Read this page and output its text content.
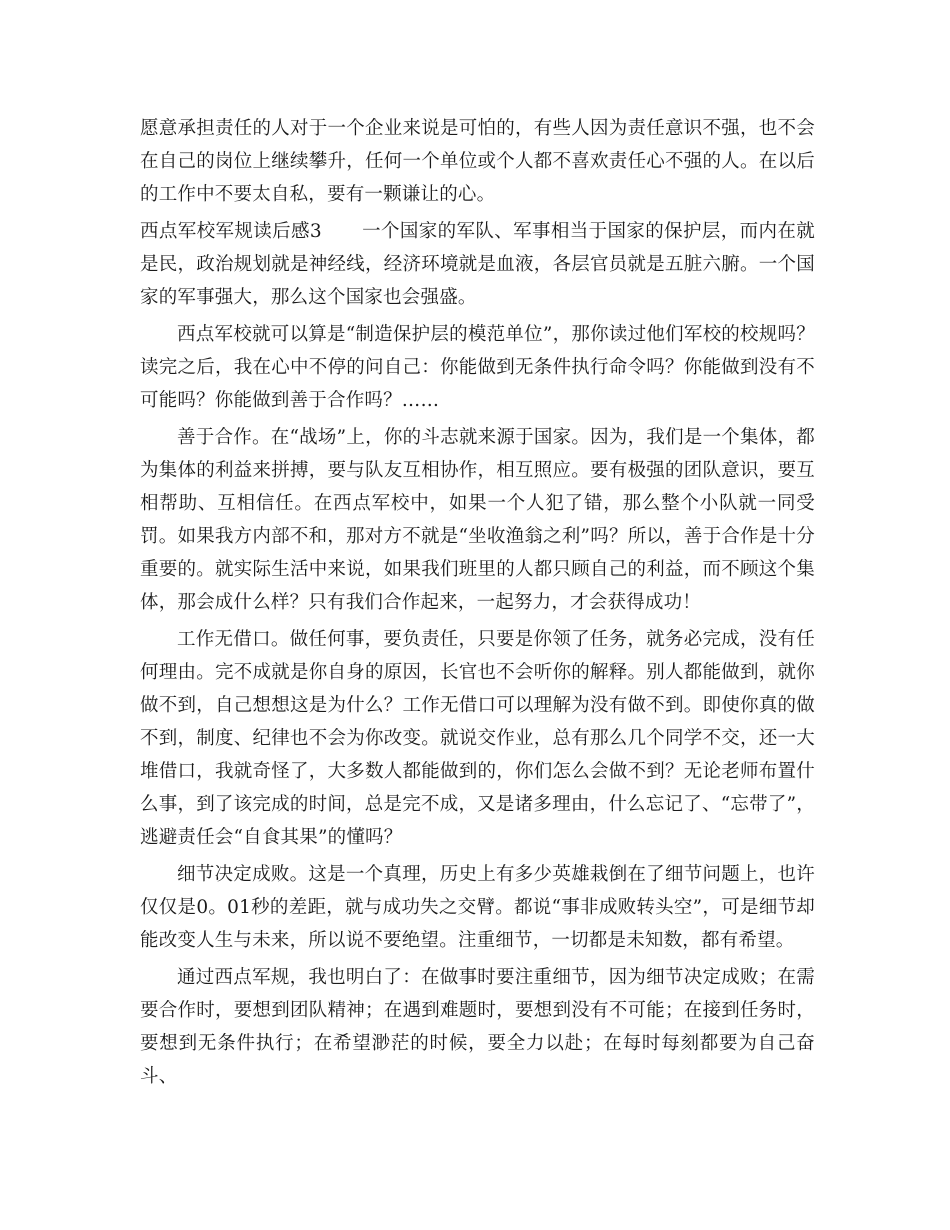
愿意承担责任的人对于一个企业来说是可怕的，有些人因为责任意识不强，也不会在自己的岗位上继续攀升，任何一个单位或个人都不喜欢责任心不强的人。在以后的工作中不要太自私，要有一颗谦让的心。

西点军校军规读后感3 一个国家的军队、军事相当于国家的保护层，而内在就是民，政治规划就是神经线，经济环境就是血液，各层官员就是五脏六腑。一个国家的军事强大，那么这个国家也会强盛。

西点军校就可以算是“制造保护层的模范单位”，那你读过他们军校的校规吗？读完之后，我在心中不停的问自己：你能做到无条件执行命令吗？你能做到没有不可能吗？你能做到善于合作吗？……

善于合作。在“战场”上，你的斗志就来源于国家。因为，我们是一个集体，都为集体的利益来拼搏，要与队友互相协作，相互照应。要有极强的团队意识，要互相帮助、互相信任。在西点军校中，如果一个人犯了错，那么整个小队就一同受罚。如果我方内部不和，那对方不就是“坐收渔翁之利”吗？所以，善于合作是十分重要的。就实际生活中来说，如果我们班里的人都只顾自己的利益，而不顾这个集体，那会成什么样？只有我们合作起来，一起努力，才会获得成功！

工作无借口。做任何事，要负责任，只要是你领了任务，就务必完成，没有任何理由。完不成就是你自身的原因，长官也不会听你的解释。别人都能做到，就你做不到，自己想想这是为什么？工作无借口可以理解为没有做不到。即使你真的做不到，制度、纪律也不会为你改变。就说交作业，总有那么几个同学不交，还一大堆借口，我就奇怪了，大多数人都能做到的，你们怎么会做不到？无论老师布置什么事，到了该完成的时间，总是完不成，又是诸多理由，什么忘记了、“忘带了”，逃避责任会“自食其果”的懂吗？

细节决定成败。这是一个真理，历史上有多少英雄栽倒在了细节问题上，也许仅仅是0。01秒的差距，就与成功失之交臂。都说“事非成败转头空”，可是细节却能改变人生与未来，所以说不要绝望。注重细节，一切都是未知数，都有希望。

通过西点军规，我也明白了：在做事时要注重细节，因为细节决定成败；在需要合作时，要想到团队精神；在遇到难题时，要想到没有不可能；在接到任务时，要想到无条件执行；在希望渺茫的时候，要全力以赴；在每时每刻都要为自己奋斗、
